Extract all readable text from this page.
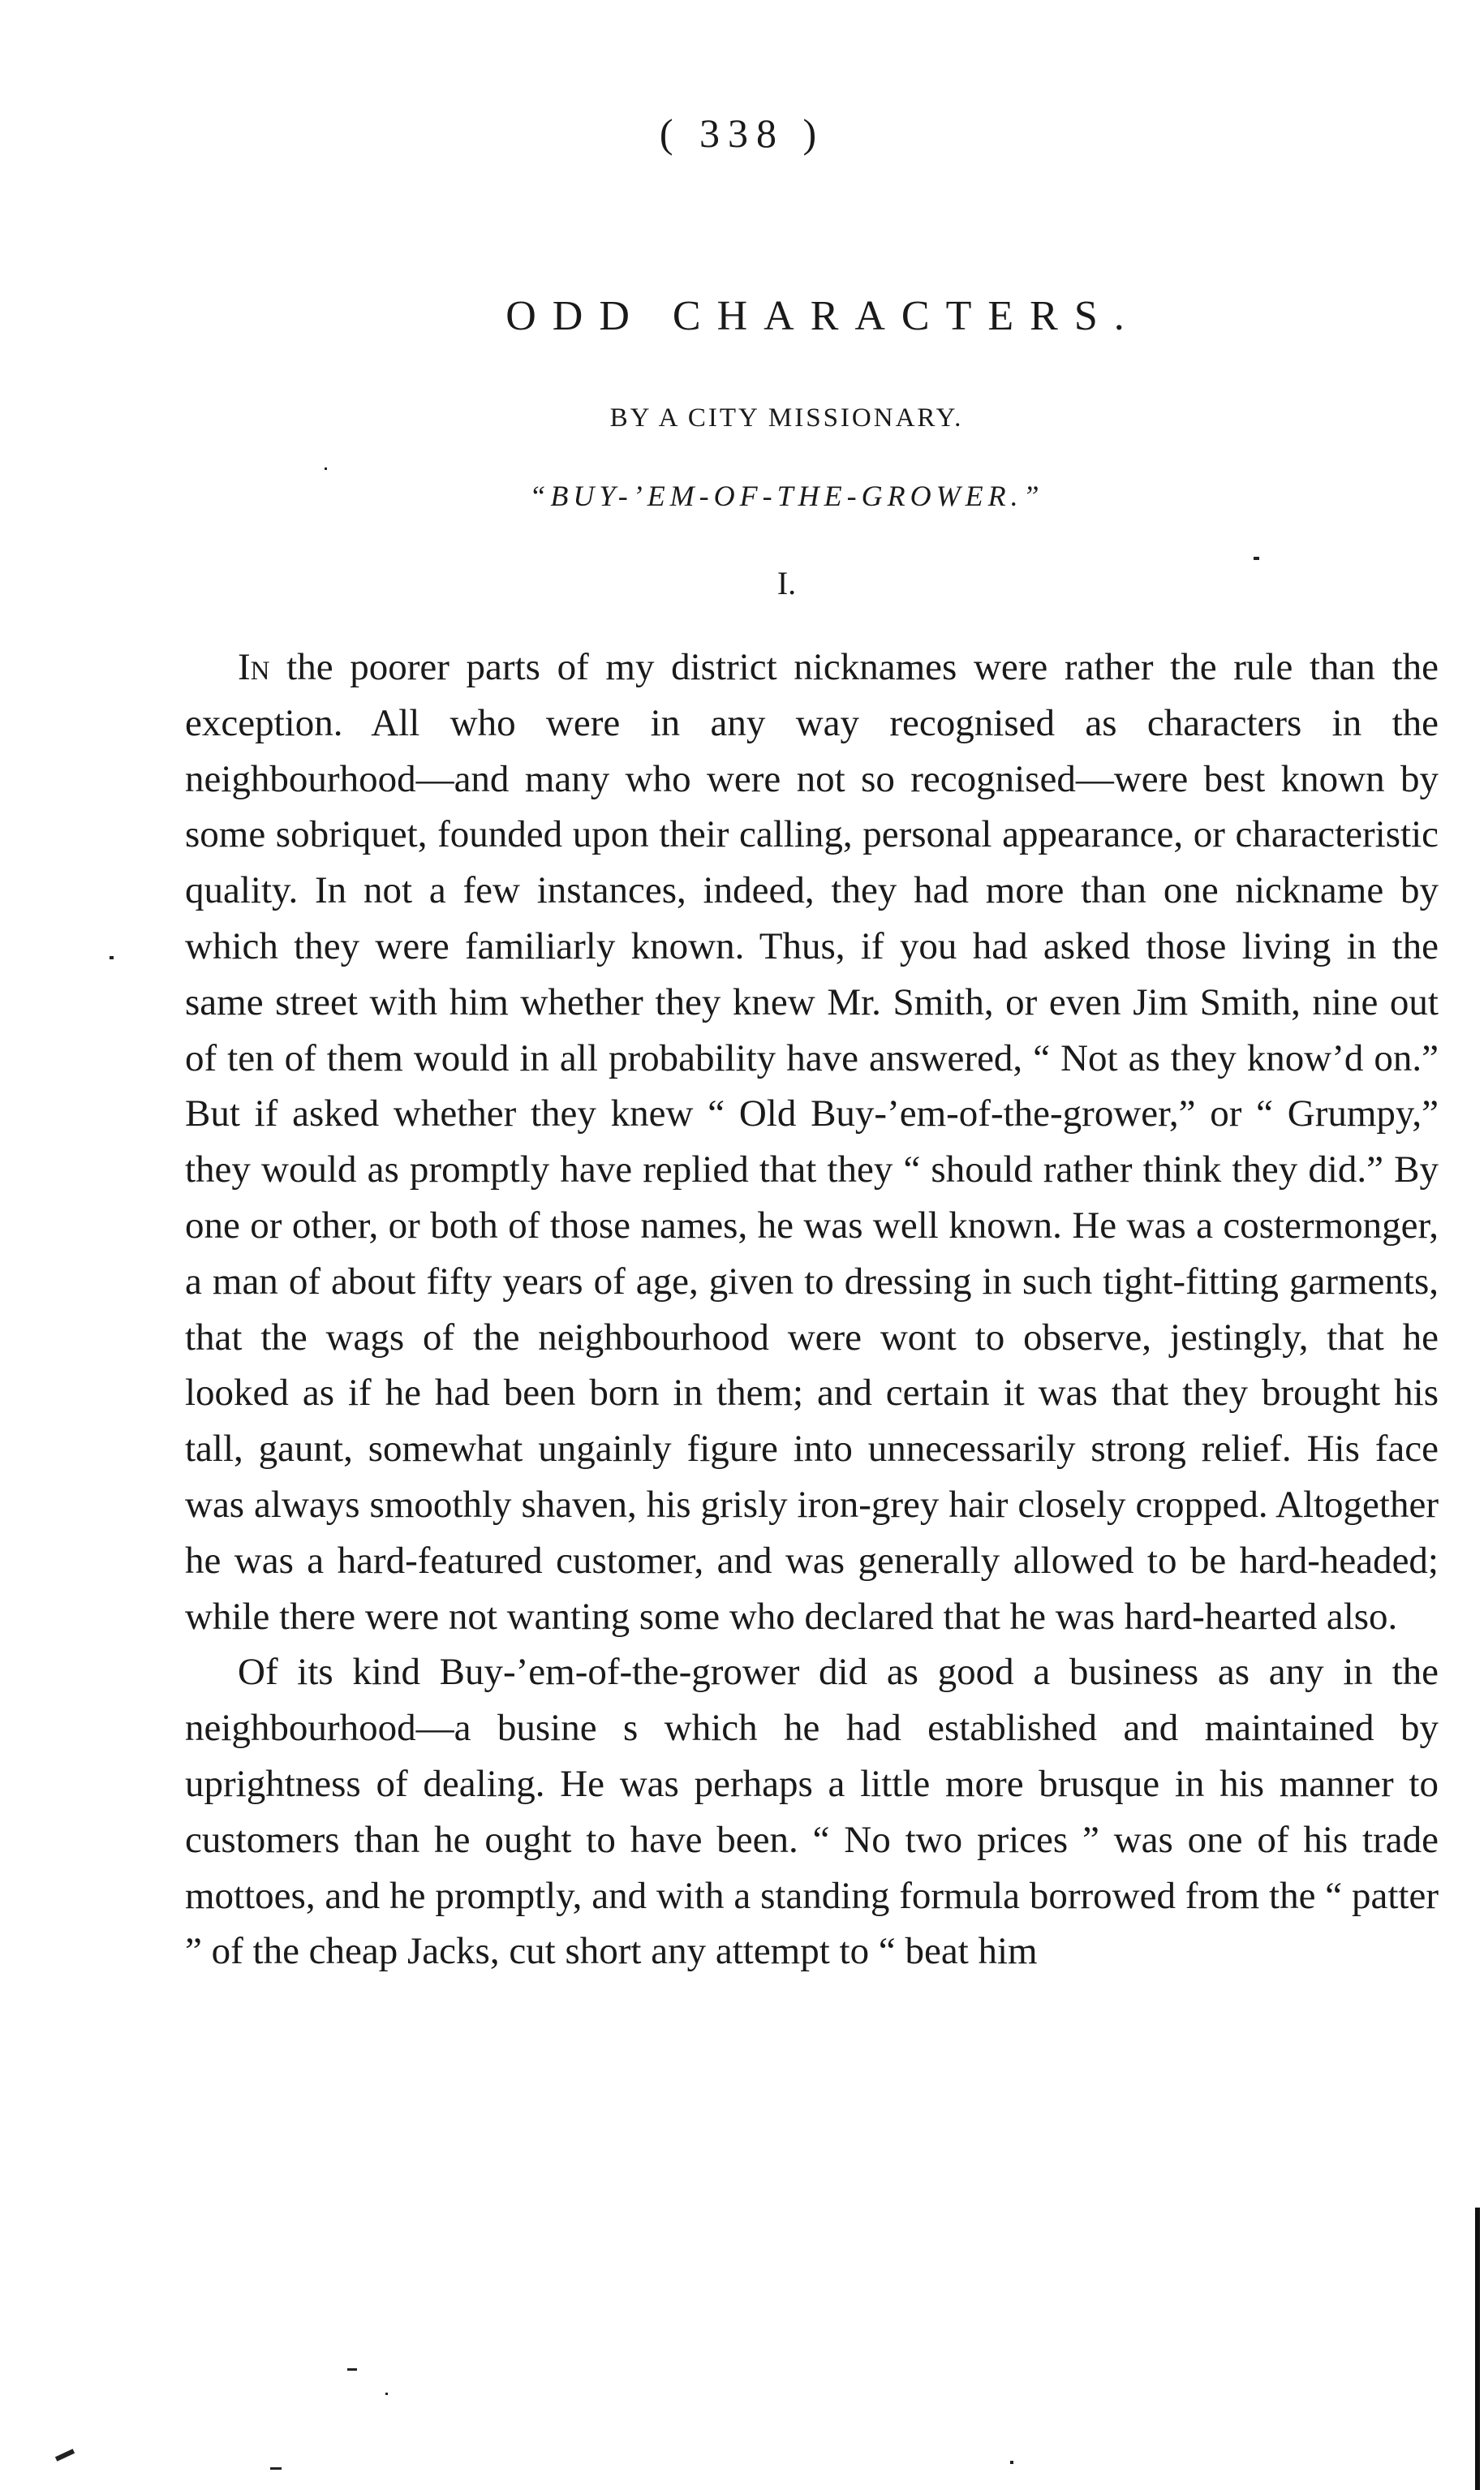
( 338 )
ODD CHARACTERS.
BY A CITY MISSIONARY.
“BUY-’EM-OF-THE-GROWER.”
I.

In the poorer parts of my district nicknames were rather the rule than the exception. All who were in any way recognised as characters in the neighbourhood—and many who were not so recognised—were best known by some sobriquet, founded upon their calling, personal appearance, or characteristic quality. In not a few instances, indeed, they had more than one nickname by which they were familiarly known. Thus, if you had asked those living in the same street with him whether they knew Mr. Smith, or even Jim Smith, nine out of ten of them would in all probability have answered, “ Not as they know’d on.” But if asked whether they knew “ Old Buy-’em-of-the-grower,” or “ Grumpy,” they would as promptly have replied that they “ should rather think they did.” By one or other, or both of those names, he was well known. He was a costermonger, a man of about fifty years of age, given to dressing in such tight-fitting garments, that the wags of the neighbourhood were wont to observe, jestingly, that he looked as if he had been born in them; and certain it was that they brought his tall, gaunt, somewhat ungainly figure into unnecessarily strong relief. His face was always smoothly shaven, his grisly iron-grey hair closely cropped. Altogether he was a hard-featured customer, and was generally allowed to be hard-headed; while there were not wanting some who declared that he was hard-hearted also.

Of its kind Buy-’em-of-the-grower did as good a business as any in the neighbourhood—a busine s which he had established and maintained by uprightness of dealing. He was perhaps a little more brusque in his manner to customers than he ought to have been. “ No two prices ” was one of his trade mottoes, and he promptly, and with a standing formula borrowed from the “ patter ” of the cheap Jacks, cut short any attempt to “ beat him
